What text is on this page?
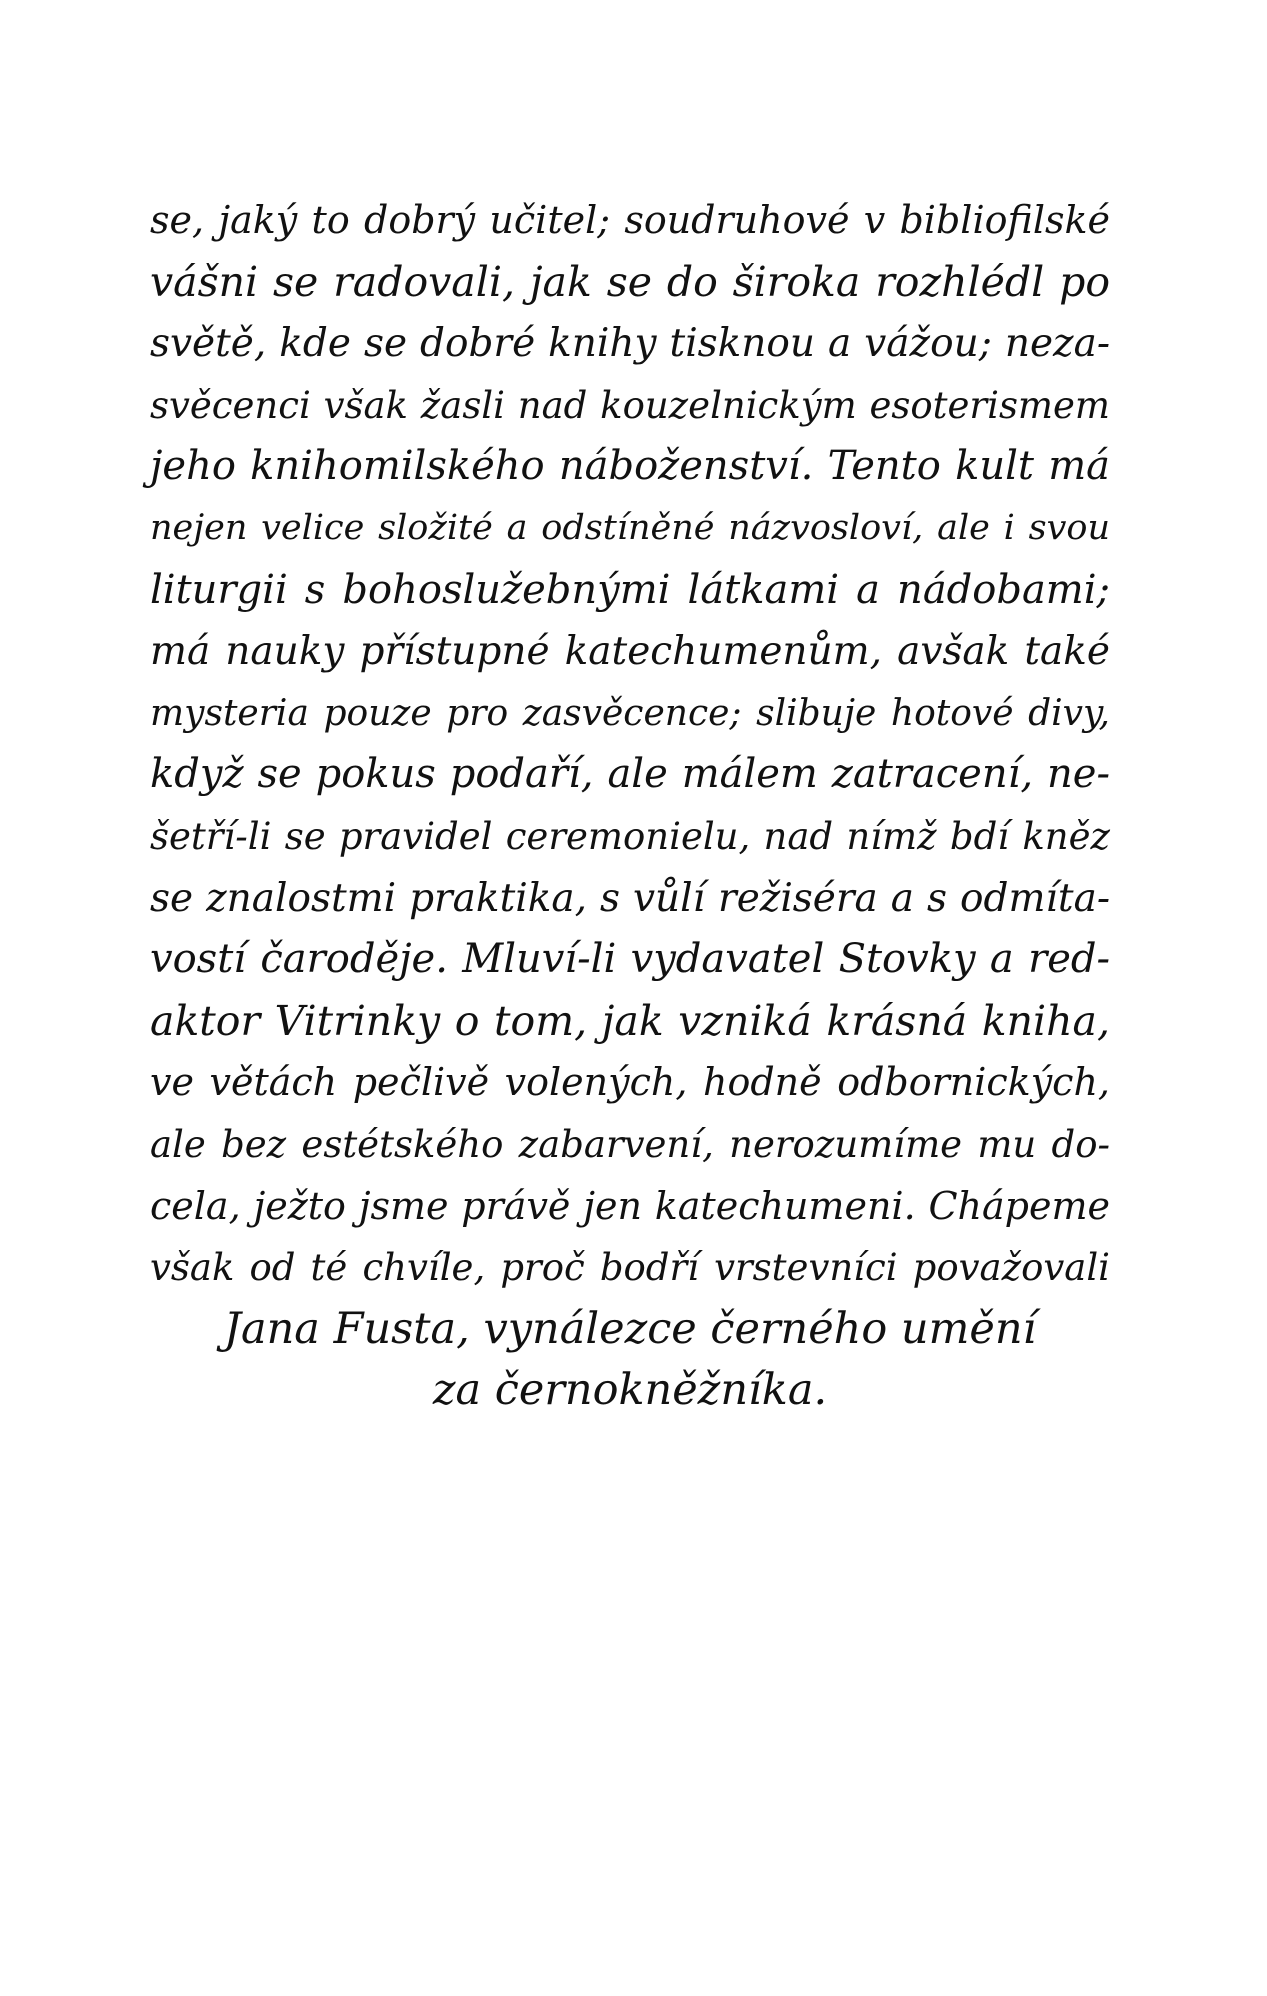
se, jaký to dobrý učitel; soudruhové v bibliofilské
vášni se radovali, jak se do široka rozhlédl po
světě, kde se dobré knihy tisknou a vážou; neza-
svěcenci však žasli nad kouzelnickým esoterismem
jeho knihomilského náboženství. Tento kult má
nejen velice složité a odstíněné názvosloví, ale i svou
liturgii s bohoslužebnými látkami a nádobami;
má nauky přístupné katechumenům, avšak také
mysteria pouze pro zasvěcence; slibuje hotové divy,
když se pokus podaří, ale málem zatracení, ne-
šetří-li se pravidel ceremonielu, nad nímž bdí kněz
se znalostmi praktika, s vůlí režiséra a s odmíta-
vostí čaroděje. Mluví-li vydavatel Stovky a red-
aktor Vitrinky o tom, jak vzniká krásná kniha,
ve větách pečlivě volených, hodně odbornických,
ale bez estétského zabarvení, nerozumíme mu do-
cela, ježto jsme právě jen katechumeni. Chápeme
však od té chvíle, proč bodří vrstevníci považovali
Jana Fusta, vynálezce černého umění
za černokněžníka.
